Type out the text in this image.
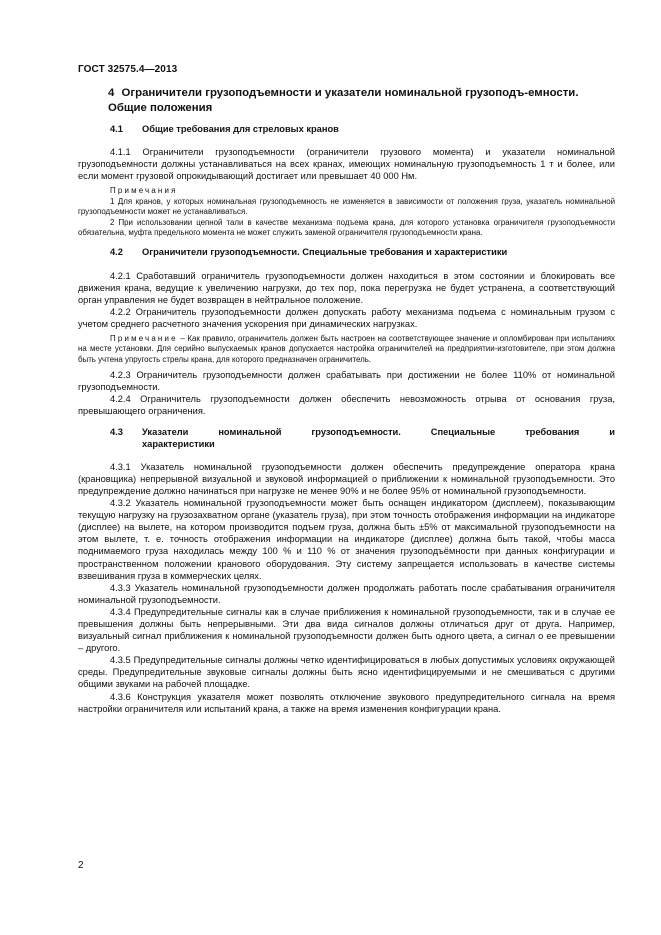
ГОСТ 32575.4—2013
4 Ограничители грузоподъемности и указатели номинальной грузоподъ-емности. Общие положения
4.1	Общие требования для стреловых кранов

4.1.1 Ограничители грузоподъемности (ограничители грузового момента) и указатели номинальной грузоподъемности должны устанавливаться на всех кранах, имеющих номинальную грузоподъемность 1 т и более, или если момент грузовой опрокидывающий достигает или превышает 40 000 Нм.

Примечания
1 Для кранов, у которых номинальная грузоподъемность не изменяется в зависимости от положения груза, указатель номинальной грузоподъемности может не устанавливаться.
2 При использовании цепной тали в качестве механизма подъема крана, для которого установка ограничителя грузоподъемности обязательна, муфта предельного момента не может служить заменой ограничителя грузоподъемности крана.
4.2	Ограничители грузоподъемности. Специальные требования и характеристики

4.2.1 Сработавший ограничитель грузоподъемности должен находиться в этом состоянии и блокировать все движения крана, ведущие к увеличению нагрузки, до тех пор, пока перегрузка не будет устранена, а соответствующий орган управления не будет возвращен в нейтральное положение.

4.2.2 Ограничитель грузоподъемности должен допускать работу механизма подъема с номинальным грузом с учетом среднего расчетного значения ускорения при динамических нагрузках.

Примечание – Как правило, ограничитель должен быть настроен на соответствующее значение и опломбирован при испытаниях на месте установки. Для серийно выпускаемых кранов допускается настройка ограничителей на предприятии-изготовителе, при этом должна быть учтена упругость стрелы крана, для которого предназначен ограничитель.

4.2.3 Ограничитель грузоподъемности должен срабатывать при достижении не более 110% от номинальной грузоподъемности.

4.2.4 Ограничитель грузоподъемности должен обеспечить невозможность отрыва от основания груза, превышающего ограничения.

4.3	Указатели номинальной грузоподъемности. Специальные требования и
характеристики

4.3.1 Указатель номинальной грузоподъемности должен обеспечить предупреждение оператора крана (крановщика) непрерывной визуальной и звуковой информацией о приближении к номинальной грузоподъемности. Это предупреждение должно начинаться при нагрузке не менее 90% и не более 95% от номинальной грузоподъемности.

4.3.2 Указатель номинальной грузоподъемности может быть оснащен индикатором (дисплеем), показывающим текущую нагрузку на грузозахватном органе (указатель груза), при этом точность отображения информации на индикаторе (дисплее) на вылете, на котором производится подъем груза, должна быть ±5% от максимальной грузоподъемности на этом вылете, т. е. точность отображения информации на индикаторе (дисплее) должна быть такой, чтобы масса поднимаемого груза находилась между 100 % и 110 % от значения грузоподъёмности при данных конфигурации и пространственном положении кранового оборудования. Эту систему запрещается использовать в качестве системы взвешивания груза в коммерческих целях.

4.3.3 Указатель номинальной грузоподъемности должен продолжать работать после срабатывания ограничителя номинальной грузоподъемности.

4.3.4 Предупредительные сигналы как в случае приближения к номинальной грузоподъемности, так и в случае ее превышения должны быть непрерывными. Эти два вида сигналов должны отличаться друг от друга. Например, визуальный сигнал приближения к номинальной грузоподъемности должен быть одного цвета, а сигнал о ее превышении – другого.

4.3.5 Предупредительные сигналы должны четко идентифицироваться в любых допустимых условиях окружающей среды. Предупредительные звуковые сигналы должны быть ясно идентифицируемыми и не смешиваться с другими общими звуками на рабочей площадке.

4.3.6 Конструкция указателя может позволять отключение звукового предупредительного сигнала на время настройки ограничителя или испытаний крана, а также на время изменения конфигурации крана.

2
